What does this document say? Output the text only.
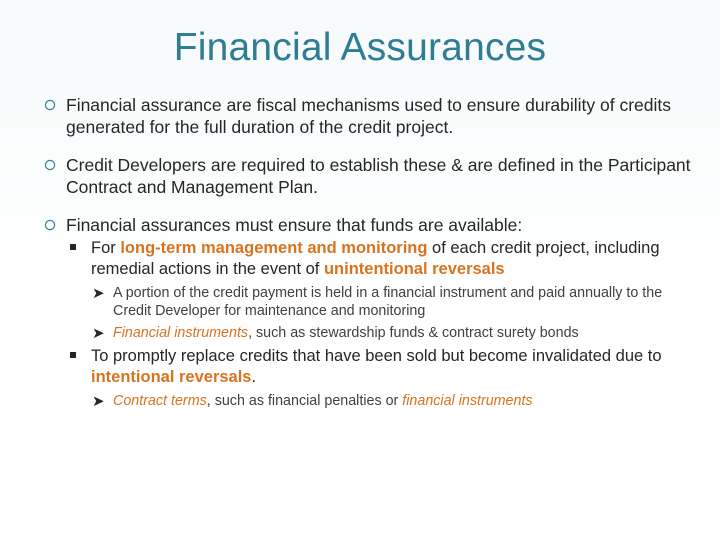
Financial Assurances
Financial assurance are fiscal mechanisms used to ensure durability of credits generated for the full duration of the credit project.
Credit Developers are required to establish these & are defined in the Participant Contract and Management Plan.
Financial assurances must ensure that funds are available:
For long-term management and monitoring of each credit project, including remedial actions in the event of unintentional reversals
➤ A portion of the credit payment is held in a financial instrument and paid annually to the Credit Developer for maintenance and monitoring
➤ Financial instruments, such as stewardship funds & contract surety bonds
To promptly replace credits that have been sold but become invalidated due to intentional reversals.
➤ Contract terms, such as financial penalties or financial instruments
